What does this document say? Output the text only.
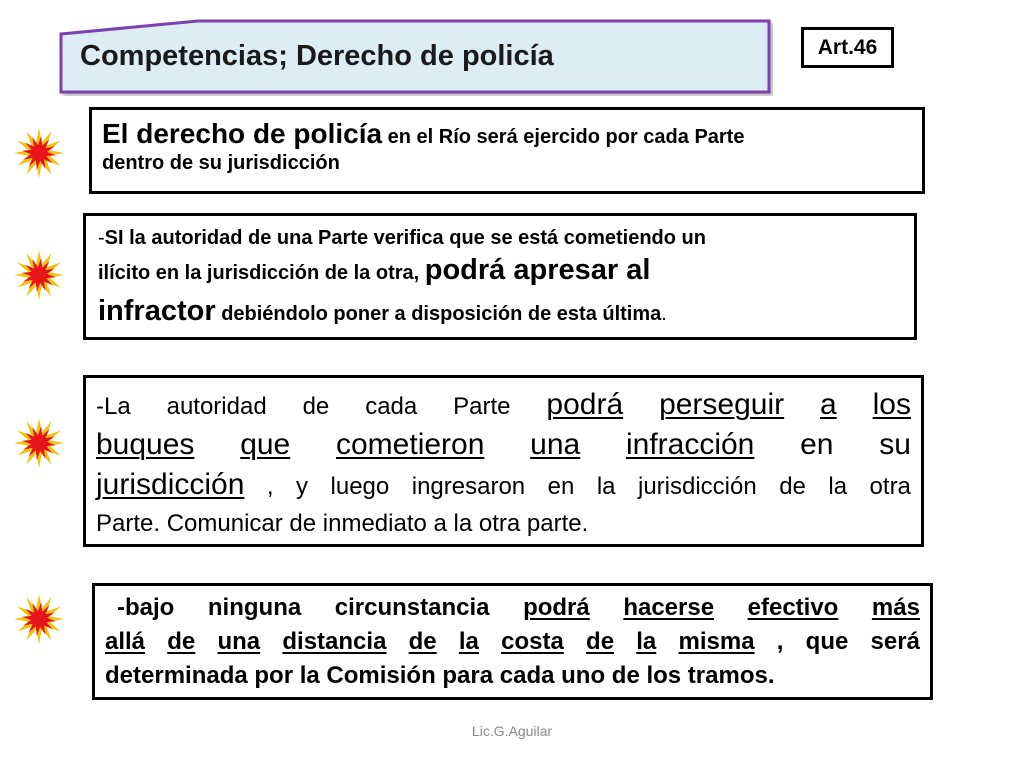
Competencias; Derecho de policía	Art.46
El derecho de policía en el Río será ejercido por cada Parte
dentro de su jurisdicción
-SI la autoridad de una Parte verifica que se está cometiendo un
ilícito en la jurisdicción de la otra, podrá apresar al
infractor debiéndolo poner a disposición de esta última.
-La autoridad de cada Parte podrá perseguir a los
buques que cometieron una infracción en su
jurisdicción , y luego ingresaron en la jurisdicción de la otra
Parte. Comunicar de inmediato a la otra parte.
-bajo ninguna circunstancia podrá hacerse efectivo más
allá de una distancia de la costa de la misma , que será
determinada por la Comisión para cada uno de los tramos.
Lic.G.Aguilar
